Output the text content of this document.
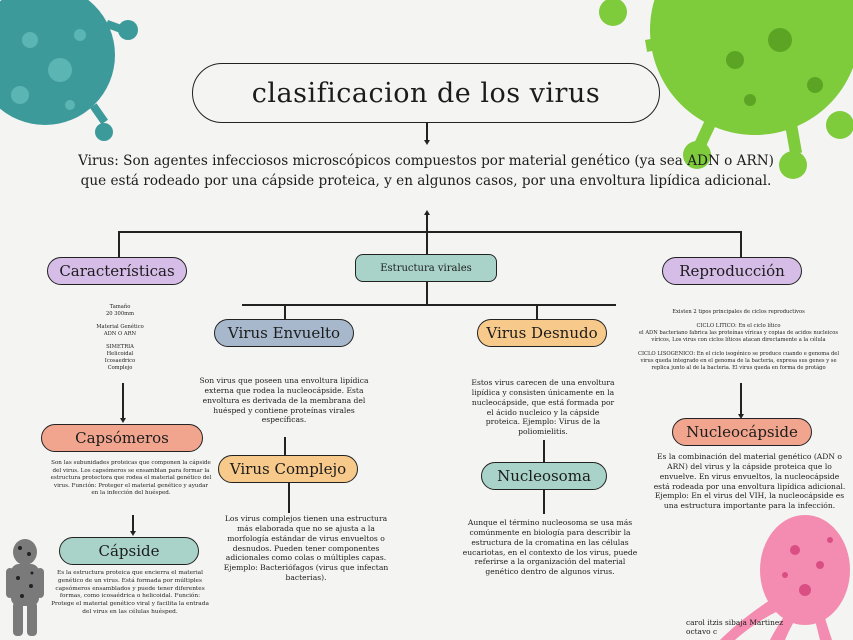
clasificacion de los virus
Virus: Son agentes infecciosos microscópicos compuestos por material genético (ya sea ADN o ARN) que está rodeado por una cápside proteica, y en algunos casos, por una envoltura lipídica adicional.
Características
Tamaño
20 300mm
Material Genético
ADN O ARN
SIMETRIA
Helicoidal
Icosaedrico
Complejo
Estructura virales	Reproducción
Existen 2 tipos principales de ciclos reproductivos
CICLO LITICO: En el ciclo lítico
el ADN bacteriano fabrica las proteínas víricas y copias de acidos nucleicos víricos, Los virus con ciclos líticos atacan directamente a la célula
CICLO LISOGENICO: En el ciclo isogénico se produce cuando e genoma del virus queda integrado en el genoma de la bacteria, expresa sus genes y se replica junto al de la bacteria. El virus queda en forma de protágo
Virus Envuelto
Son virus que poseen una envoltura lipídica externa que rodea la nucleocápside. Esta envoltura es derivada de la membrana del huésped y contiene proteínas virales específicas.
Virus Desnudo
Estos virus carecen de una envoltura lipídica y consisten únicamente en la nucleocápside, que está formada por el ácido nucleico y la cápside proteica. Ejemplo: Virus de la poliomielitis.
Capsómeros
Son las subunidades proteicas que componen la cápside del virus. Los capsómeros se ensamblan para formar la estructura protectora que rodea el material genético del virus. Función: Proteger el material genético y ayudar en la infección del huésped.
Virus Complejo
Los virus complejos tienen una estructura más elaborada que no se ajusta a la morfología estándar de virus envueltos o desnudos. Pueden tener componentes adicionales como colas o múltiples capas. Ejemplo: Bacteriófagos (virus que infectan bacterias).
Nucleosoma
Aunque el término nucleosoma se usa más comúnmente en biología para describir la estructura de la cromatina en las células eucariotas, en el contexto de los virus, puede referirse a la organización del material genético dentro de algunos virus.
Nucleocápside
Es la combinación del material genético (ADN o ARN) del virus y la cápside proteica que lo envuelve. En virus envueltos, la nucleocápside está rodeada por una envoltura lipídica adicional. Ejemplo: En el virus del VIH, la nucleocápside es una estructura importante para la infección.
Cápside
Es la estructura proteica que encierra el material genético de un virus. Está formada por múltiples capsómeros ensamblados y puede tener diferentes formas, como icosaédrica o helicoidal. Función: Protege el material genético viral y facilita la entrada del virus en las células huésped.
carol itzis sibaja Martinez
octavo c
